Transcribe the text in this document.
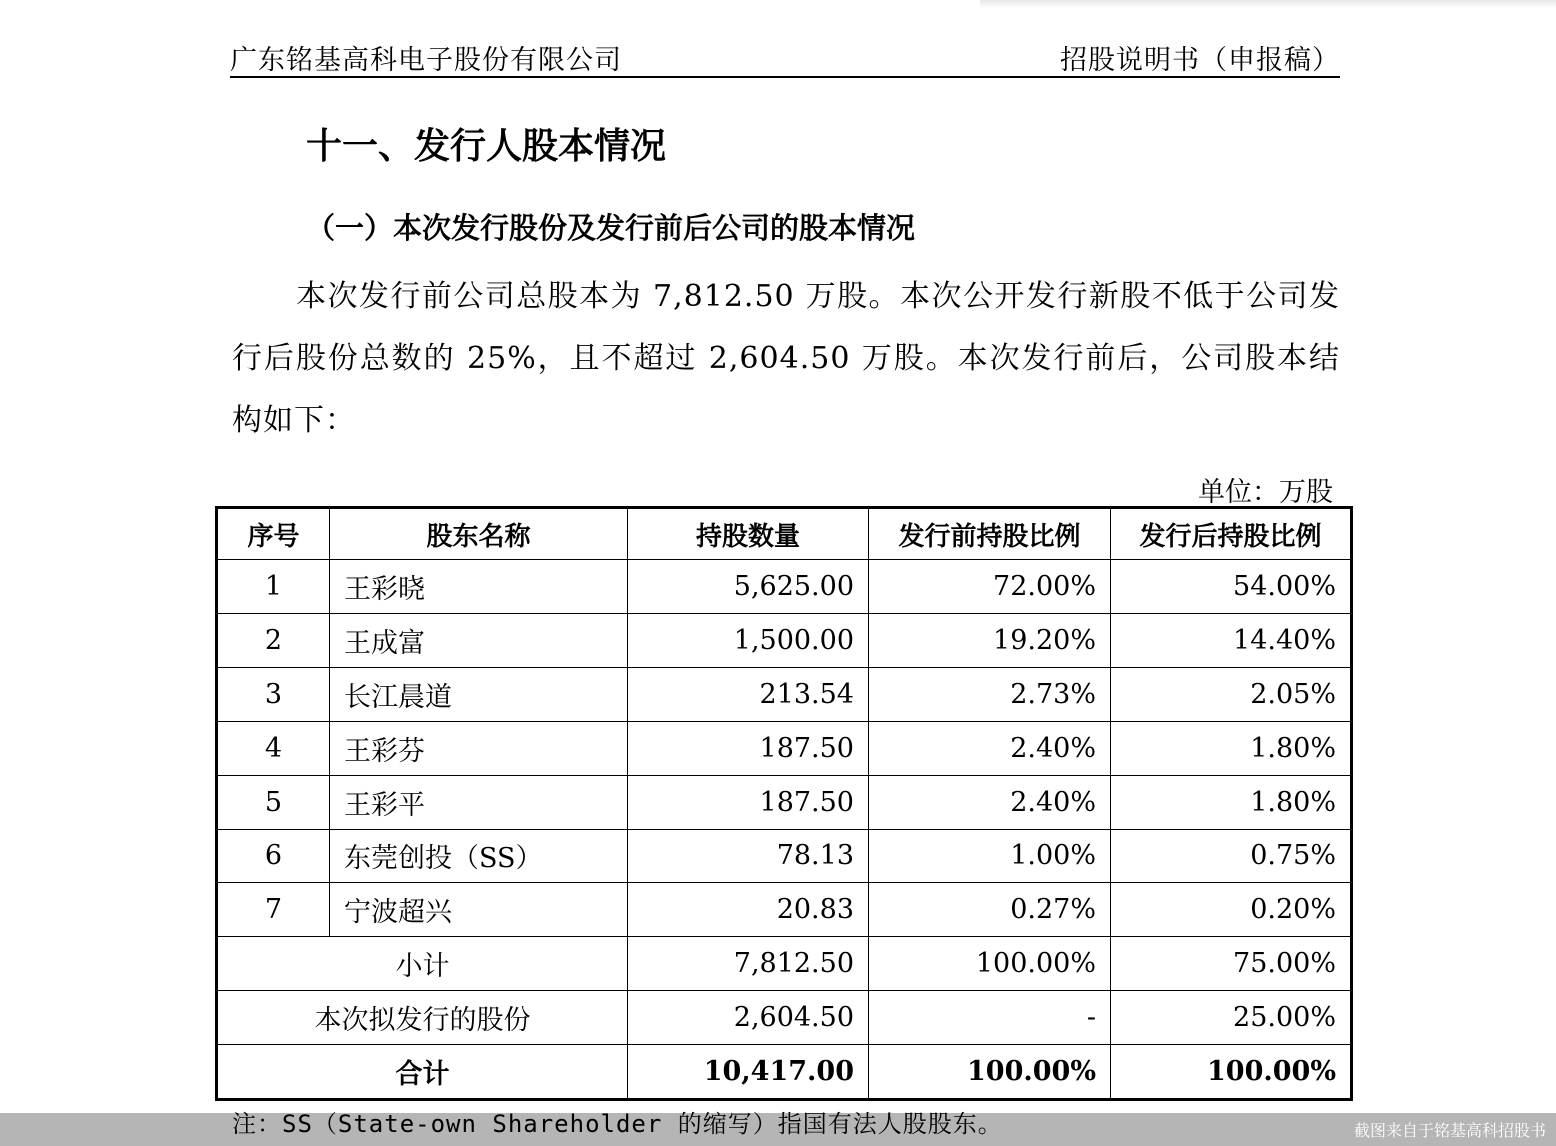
广东铭基高科电子股份有限公司	招股说明书（申报稿）
十一、发行人股本情况
（一）本次发行股份及发行前后公司的股本情况
本次发行前公司总股本为 7,812.50 万股。本次公开发行新股不低于公司发行后股份总数的 25%，且不超过 2,604.50 万股。本次发行前后，公司股本结构如下：
单位：万股
序号	股东名称	持股数量	发行前持股比例	发行后持股比例
1	王彩晓	5,625.00	72.00%	54.00%
2	王成富	1,500.00	19.20%	14.40%
3	长江晨道	213.54	2.73%	2.05%
4	王彩芬	187.50	2.40%	1.80%
5	王彩平	187.50	2.40%	1.80%
6	东莞创投（SS）	78.13	1.00%	0.75%
7	宁波超兴	20.83	0.27%	0.20%
小计		7,812.50	100.00%	75.00%
本次拟发行的股份		2,604.50	-	25.00%
合计		10,417.00	100.00%	100.00%
注：SS（State-own Shareholder 的缩写）指国有法人股股东。	截图来自于铭基高科招股书
